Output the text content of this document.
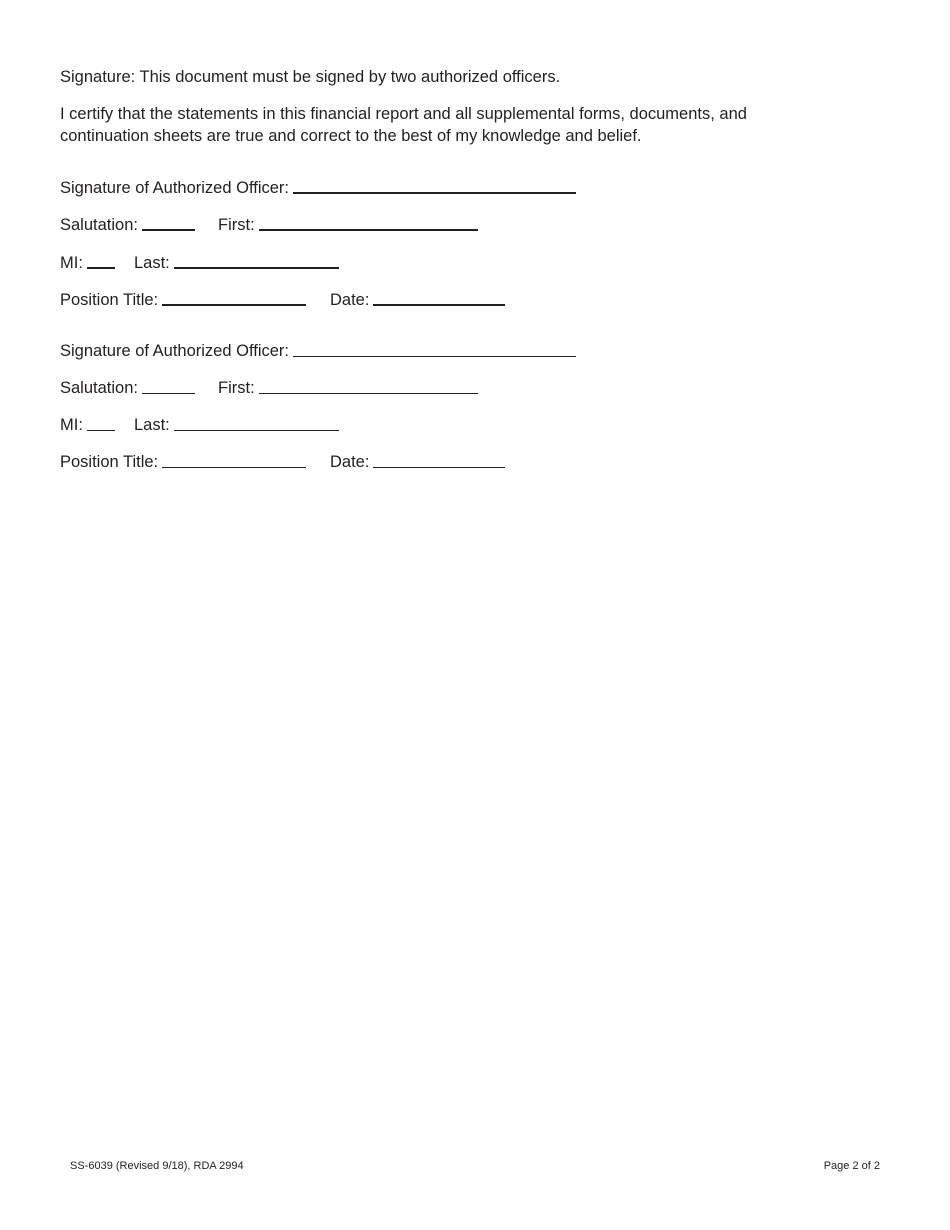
Signature: This document must be signed by two authorized officers.
I certify that the statements in this financial report and all supplemental forms, documents, and
continuation sheets are true and correct to the best of my knowledge and belief.
Signature of Authorized Officer:
Salutation:	First:
MI:	Last:
Position Title:	Date:
Signature of Authorized Officer:
Salutation:	First:
MI:	Last:
Position Title:	Date:
SS-6039 (Revised 9/18), RDA 2994	Page 2 of 2
